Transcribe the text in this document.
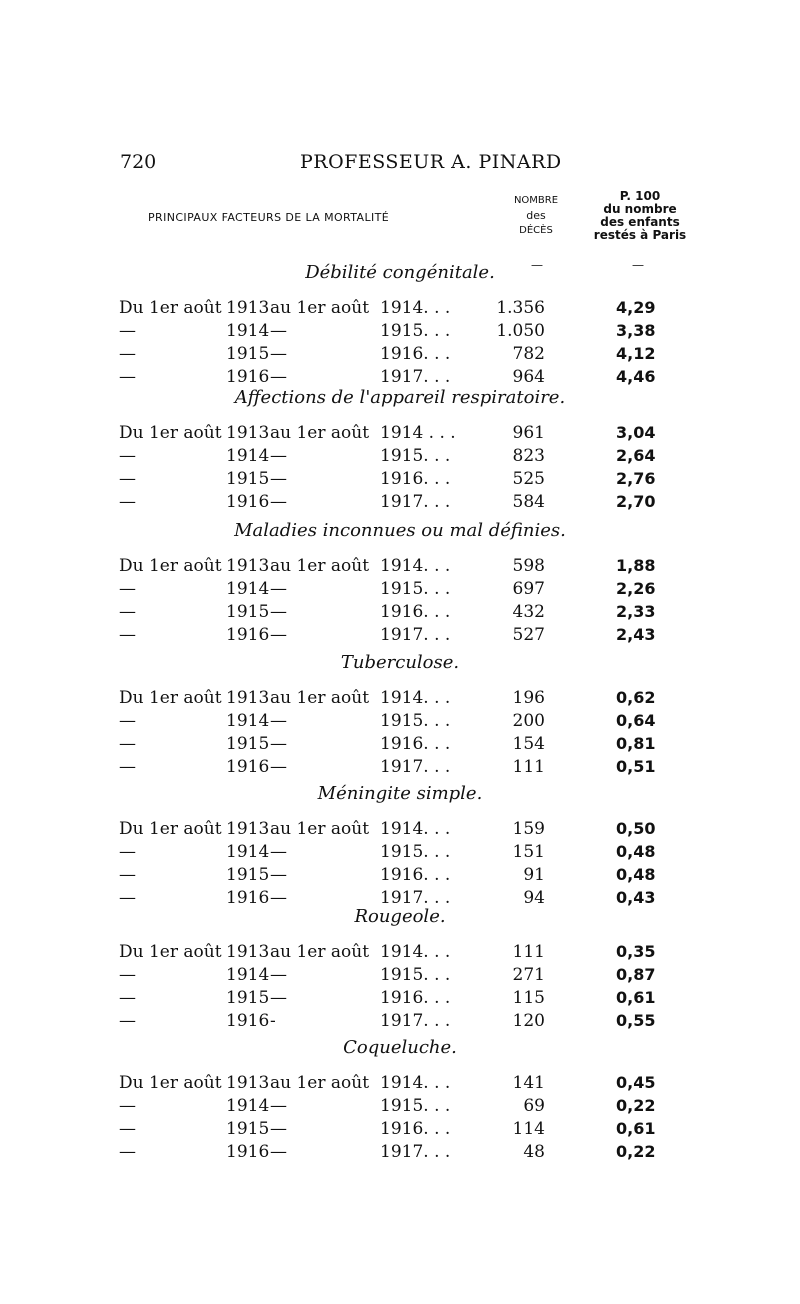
720	PROFESSEUR A. PINARD
PRINCIPAUX FACTEURS DE LA MORTALITÉ
NOMBRE
des
DÉCÈS
P. 100
du nombre
des enfants
restés à Paris
—	—
Débilité congénitale.
Du 1er août 1913 au 1er août 1914. . .	1.356	4,29
—	1914 —	1915. . .	1.050	3,38
—	1915 —	1916. . .	782	4,12
—	1916 —	1917. . .	964	4,46
Affections de l'appareil respiratoire.
Du 1er août 1913 au 1er août 1914 . . .	961	3,04
—	1914 —	1915. . .	823	2,64
—	1915 —	1916. . .	525	2,76
—	1916 —	1917. . .	584	2,70
Maladies inconnues ou mal définies.
Du 1er août 1913 au 1er août 1914. . .	598	1,88
—	1914 —	1915. . .	697	2,26
—	1915 —	1916. . .	432	2,33
—	1916 —	1917. . .	527	2,43
Tuberculose.
Du 1er août 1913 au 1er août 1914. . .	196	0,62
—	1914 —	1915. . .	200	0,64
—	1915 —	1916. . .	154	0,81
—	1916 —	1917. . .	111	0,51
Méningite simple.
Du 1er août 1913 au 1er août 1914. . .	159	0,50
—	1914 —	1915. . .	151	0,48
—	1915 —	1916. . .	91	0,48
—	1916 —	1917. . .	94	0,43
Rougeole.
Du 1er août 1913 au 1er août 1914. . .	111	0,35
—	1914 —	1915. . .	271	0,87
—	1915 —	1916. . .	115	0,61
—	1916 -	1917. . .	120	0,55
Coqueluche.
Du 1er août 1913 au 1er août 1914. . .	141	0,45
—	1914 —	1915. . .	69	0,22
—	1915 —	1916. . .	114	0,61
—	1916 —	1917. . .	48	0,22
